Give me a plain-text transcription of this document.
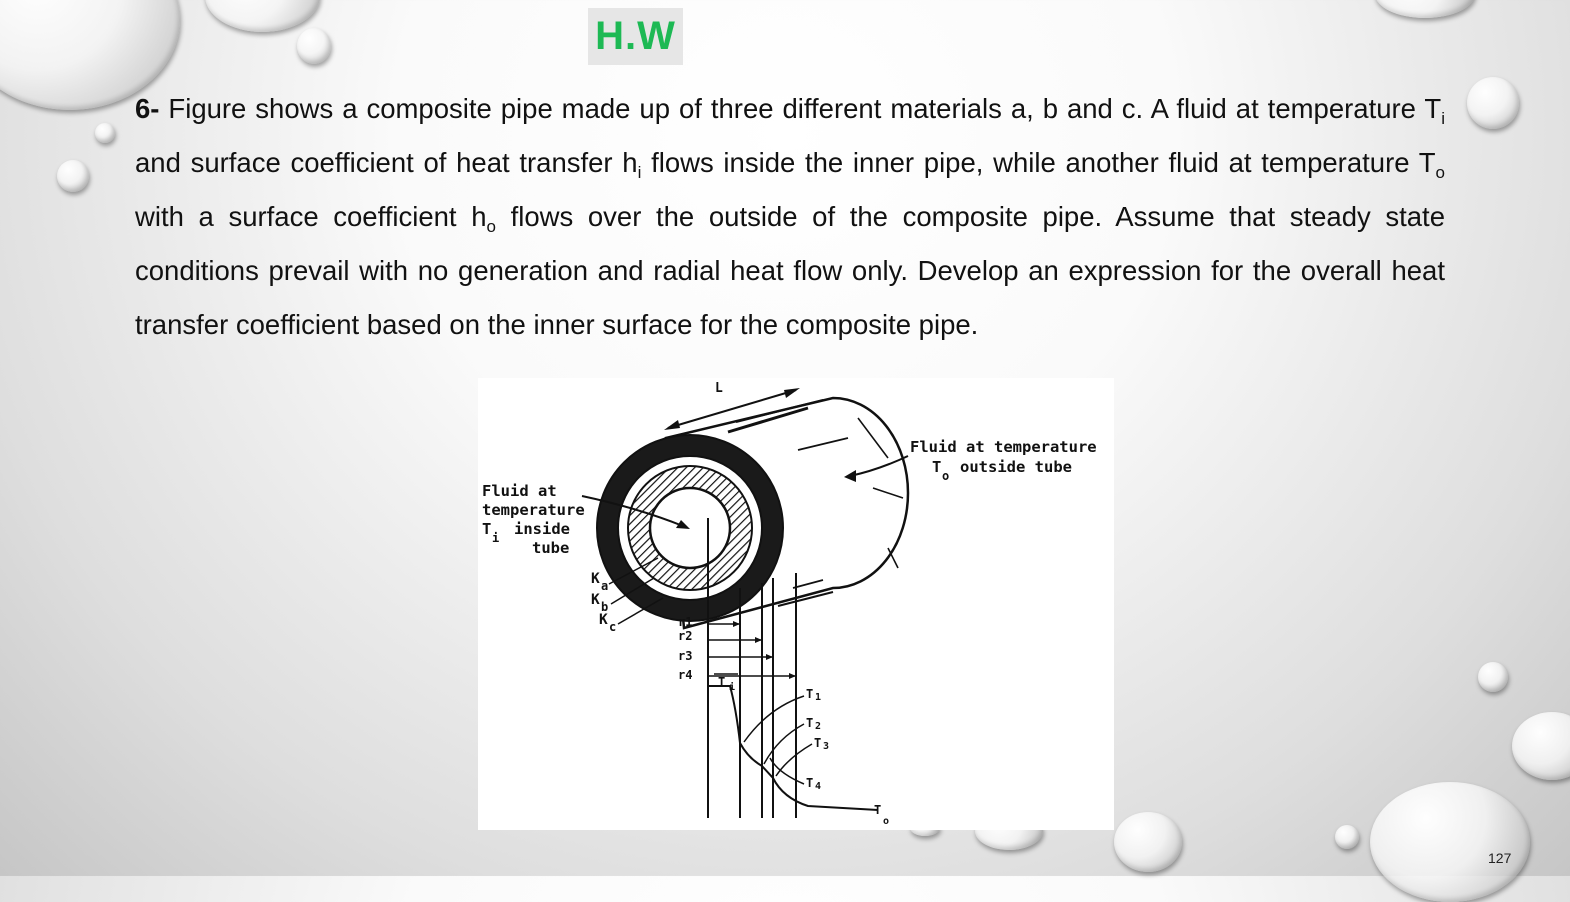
H.W

6- Figure shows a composite pipe made up of three different materials a, b and c. A fluid at temperature $T_i$ and surface coefficient of heat transfer $h_i$ flows inside the inner pipe, while another fluid at temperature $T_o$ with a surface coefficient $h_o$ flows over the outside of the composite pipe. Assume that steady state conditions prevail with no generation and radial heat flow only. Develop an expression for the overall heat transfer coefficient based on the inner surface for the composite pipe.

L
Fluid at temperature
T o outside tube
Fluid at
temperature
T i inside
tube
K a
K b
K c	r1
r2
r3
r4 T i	T 1
T 2
T 3
T 4
T
o
127
